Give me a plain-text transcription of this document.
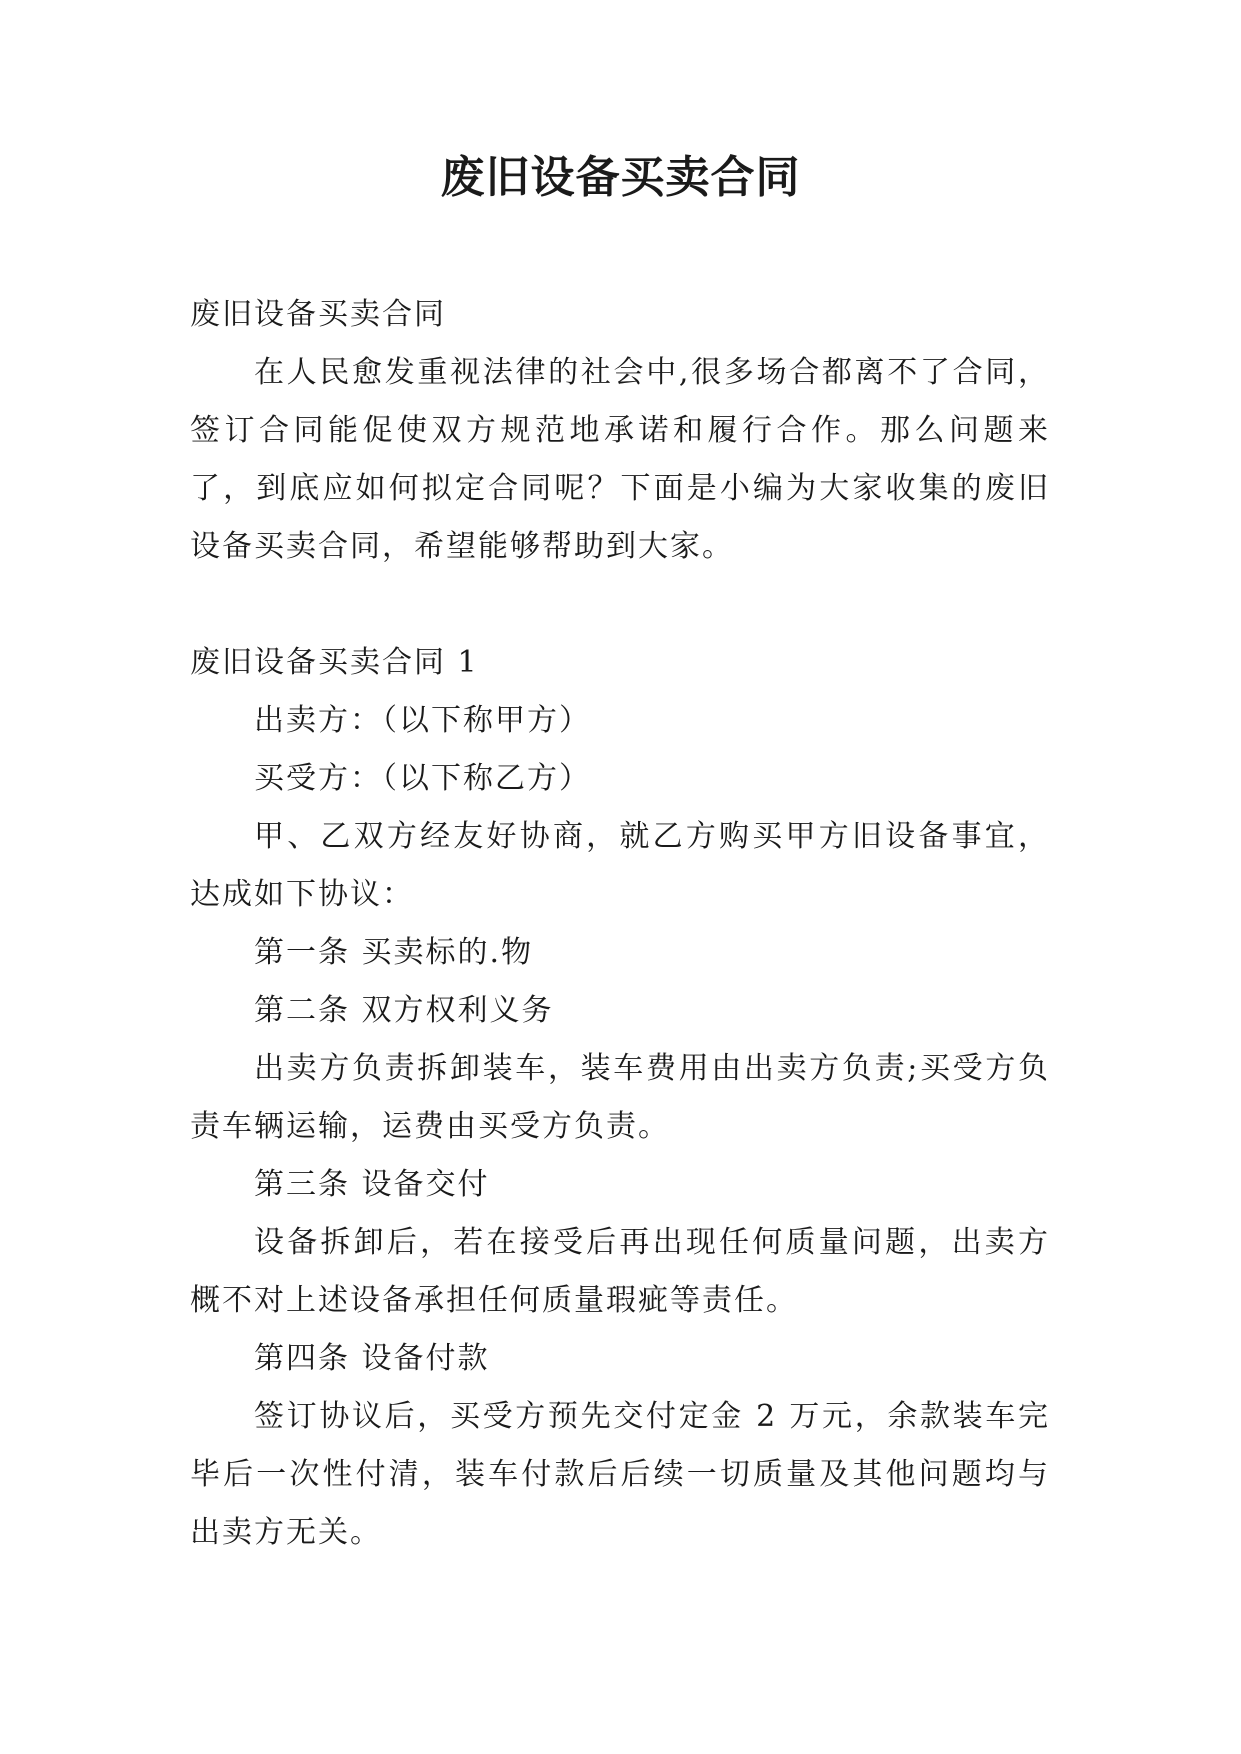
废旧设备买卖合同

废旧设备买卖合同

在人民愈发重视法律的社会中,很多场合都离不了合同，签订合同能促使双方规范地承诺和履行合作。那么问题来了，到底应如何拟定合同呢？下面是小编为大家收集的废旧设备买卖合同，希望能够帮助到大家。

废旧设备买卖合同 1

出卖方：（以下称甲方）

买受方：（以下称乙方）

甲、乙双方经友好协商，就乙方购买甲方旧设备事宜，达成如下协议：

第一条 买卖标的.物

第二条 双方权利义务

出卖方负责拆卸装车，装车费用由出卖方负责;买受方负责车辆运输，运费由买受方负责。

第三条 设备交付

设备拆卸后，若在接受后再出现任何质量问题，出卖方概不对上述设备承担任何质量瑕疵等责任。

第四条 设备付款

签订协议后，买受方预先交付定金 2 万元，余款装车完毕后一次性付清，装车付款后后续一切质量及其他问题均与出卖方无关。
